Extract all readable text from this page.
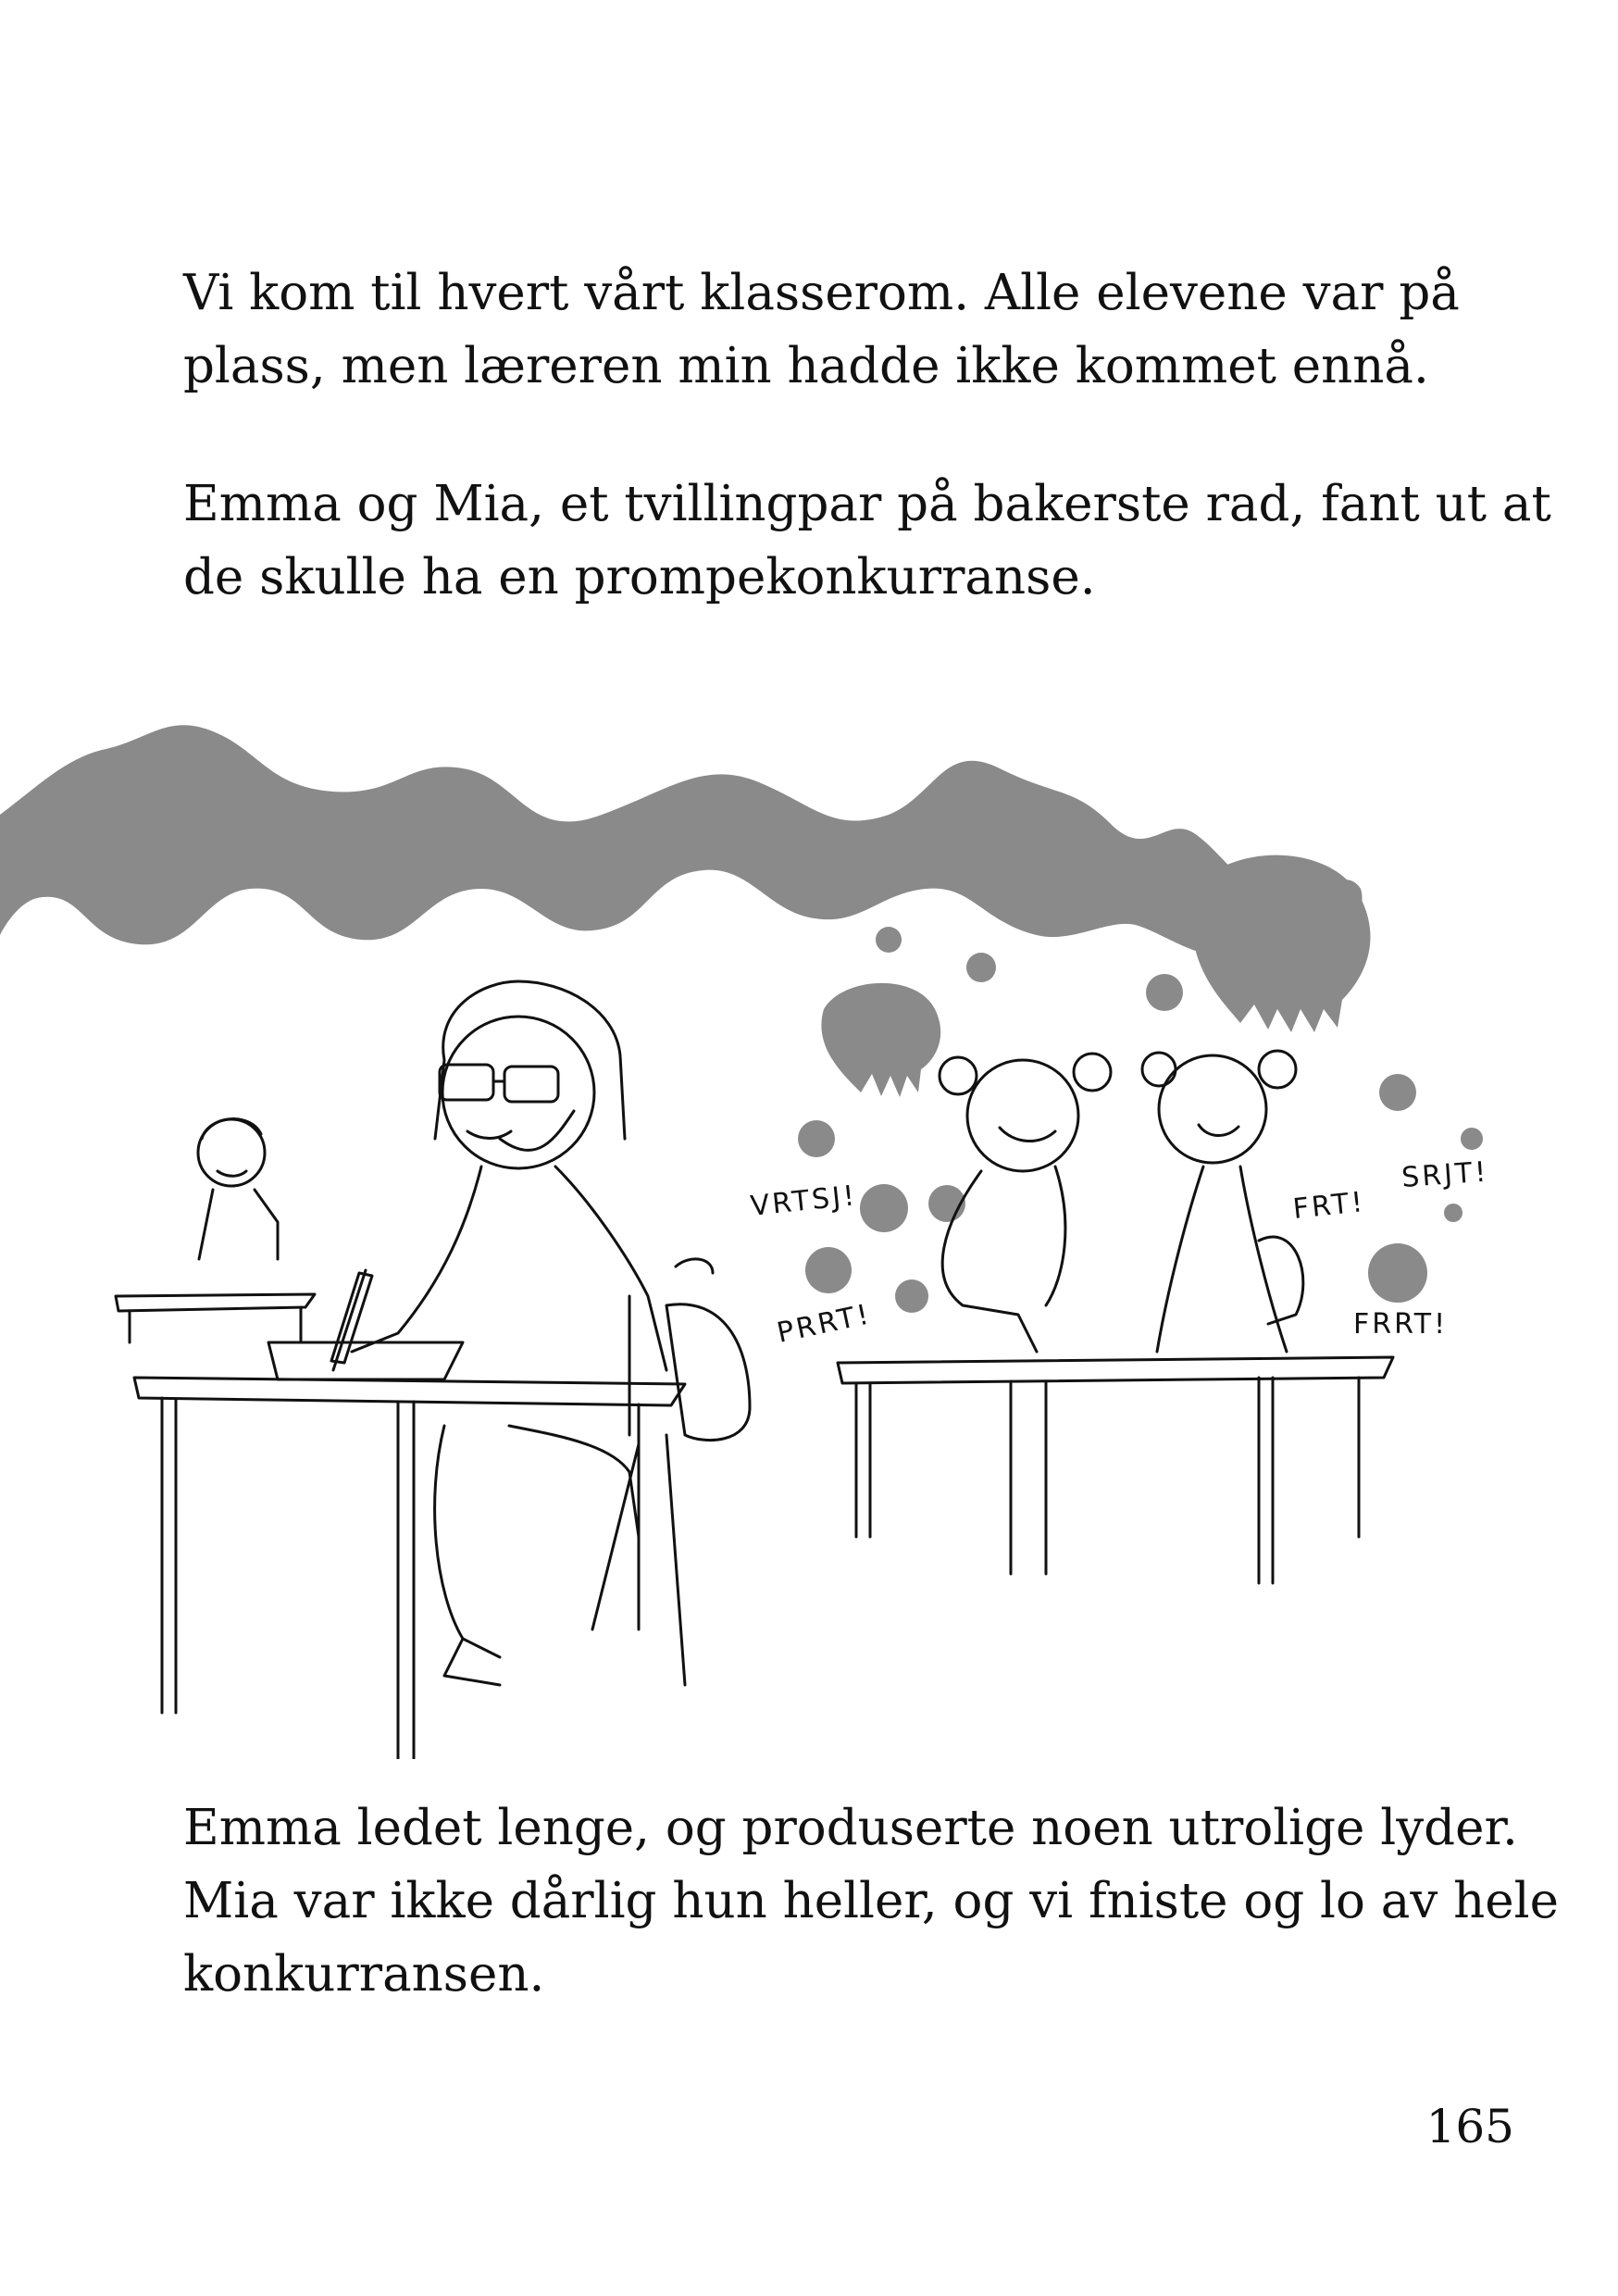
Vi kom til hvert vårt klasserom. Alle elevene var på
plass, men læreren min hadde ikke kommet ennå.

Emma og Mia, et tvillingpar på bakerste rad, fant ut at
de skulle ha en prompekonkurranse.

VRTSJ!
PRRT!
FRT!
SRJT!
FRRT!

Emma ledet lenge, og produserte noen utrolige lyder.
Mia var ikke dårlig hun heller, og vi fniste og lo av hele
konkurransen.

165
